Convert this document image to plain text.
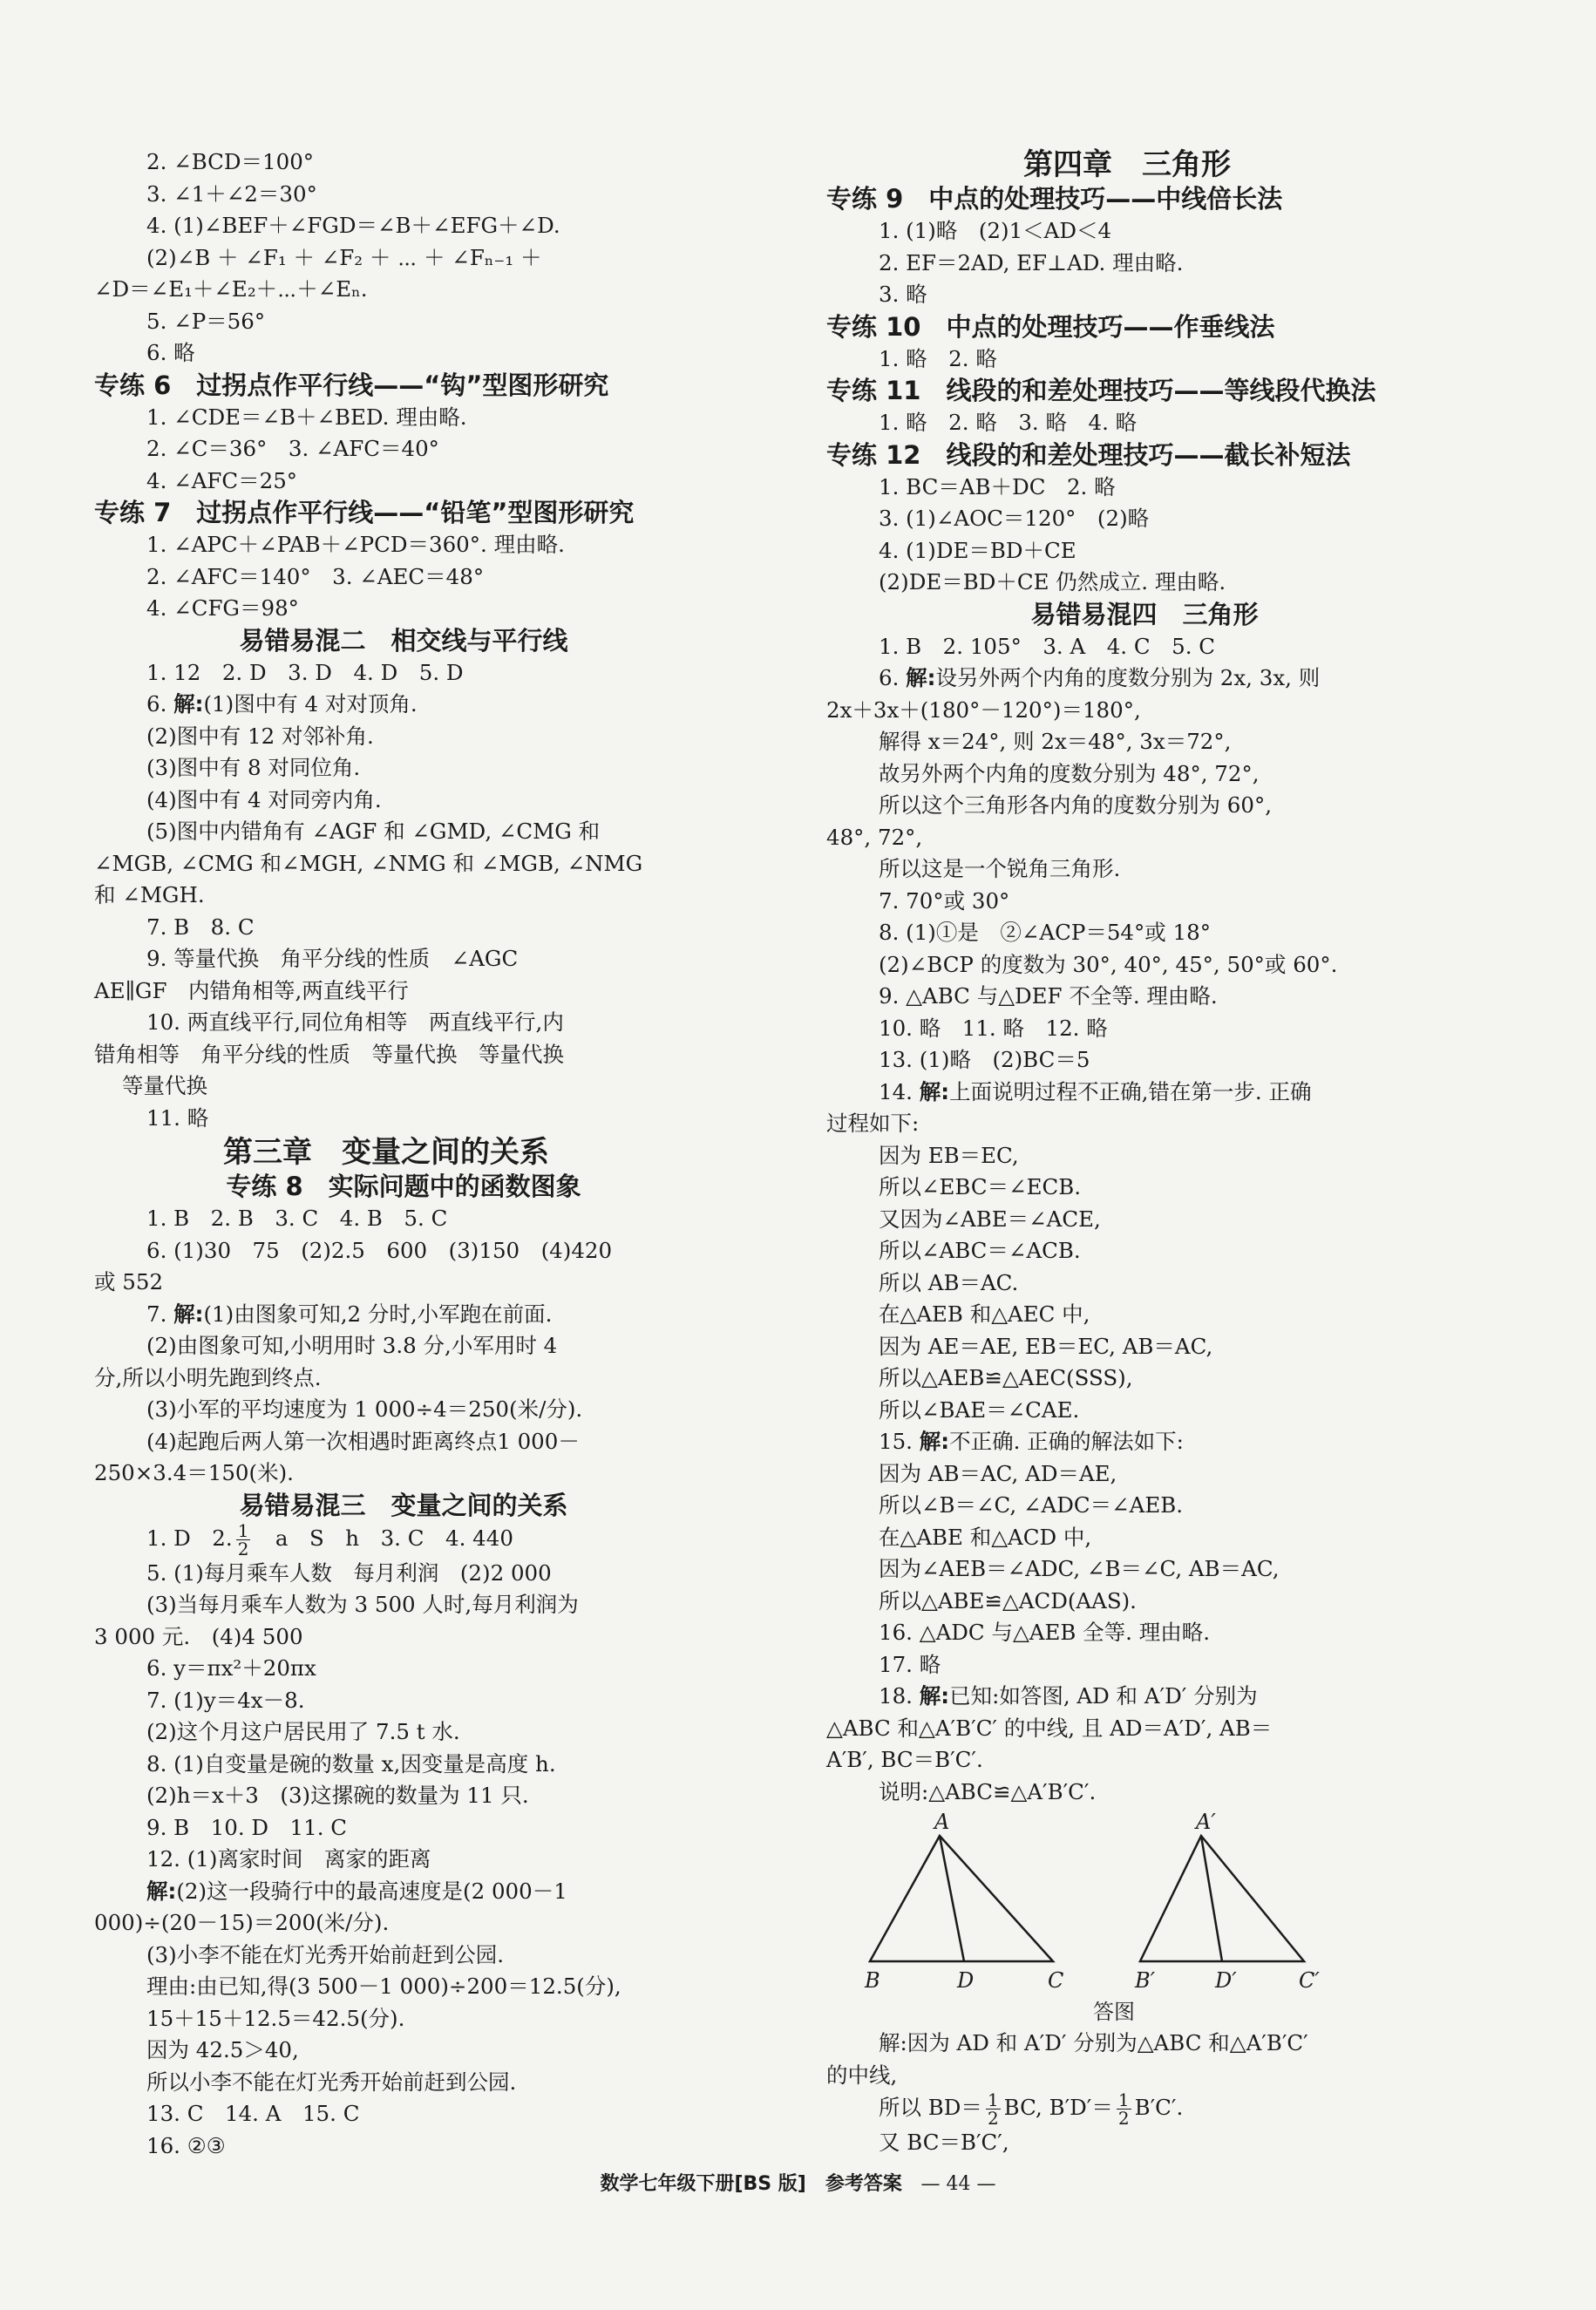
2. ∠BCD＝100°
3. ∠1＋∠2＝30°
4. (1)∠BEF＋∠FGD＝∠B＋∠EFG＋∠D.
(2)∠B ＋ ∠F₁ ＋ ∠F₂ ＋ ⋯ ＋ ∠Fₙ₋₁ ＋
∠D＝∠E₁＋∠E₂＋⋯＋∠Eₙ.
5. ∠P＝56°
6. 略
专练 6　过拐点作平行线——“钩”型图形研究
1. ∠CDE＝∠B＋∠BED. 理由略.
2. ∠C＝36°　3. ∠AFC＝40°
4. ∠AFC＝25°
专练 7　过拐点作平行线——“铅笔”型图形研究
1. ∠APC＋∠PAB＋∠PCD＝360°. 理由略.
2. ∠AFC＝140°　3. ∠AEC＝48°
4. ∠CFG＝98°
易错易混二　相交线与平行线
1. 12　2. D　3. D　4. D　5. D
6. 解:(1)图中有 4 对对顶角.
(2)图中有 12 对邻补角.
(3)图中有 8 对同位角.
(4)图中有 4 对同旁内角.
(5)图中内错角有 ∠AGF 和 ∠GMD, ∠CMG 和
∠MGB, ∠CMG 和∠MGH, ∠NMG 和 ∠MGB, ∠NMG
和 ∠MGH.
7. B　8. C
9. 等量代换　角平分线的性质　∠AGC
AE∥GF　内错角相等,两直线平行
10. 两直线平行,同位角相等　两直线平行,内
错角相等　角平分线的性质　等量代换　等量代换
等量代换
11. 略
第三章　变量之间的关系
专练 8　实际问题中的函数图象
1. B　2. B　3. C　4. B　5. C
6. (1)30　75　(2)2.5　600　(3)150　(4)420
或 552
7. 解:(1)由图象可知,2 分时,小军跑在前面.
(2)由图象可知,小明用时 3.8 分,小军用时 4
分,所以小明先跑到终点.
(3)小军的平均速度为 1 000÷4＝250(米/分).
(4)起跑后两人第一次相遇时距离终点1 000－
250×3.4＝150(米).
易错易混三　变量之间的关系
1. D　2. $\frac{1}{2}$ 　a　S　h　3. C　4. 440
5. (1)每月乘车人数　每月利润　(2)2 000
(3)当每月乘车人数为 3 500 人时,每月利润为
3 000 元.　(4)4 500
6. y＝πx²＋20πx
7. (1)y＝4x－8.
(2)这个月这户居民用了 7.5 t 水.
8. (1)自变量是碗的数量 x,因变量是高度 h.
(2)h＝x＋3　(3)这摞碗的数量为 11 只.
9. B　10. D　11. C
12. (1)离家时间　离家的距离
解:(2)这一段骑行中的最高速度是(2 000－1
000)÷(20－15)＝200(米/分).
(3)小李不能在灯光秀开始前赶到公园.
理由:由已知,得(3 500－1 000)÷200＝12.5(分),
15＋15＋12.5＝42.5(分).
因为 42.5＞40,
所以小李不能在灯光秀开始前赶到公园.
13. C　14. A　15. C
16. ②③
第四章　三角形
专练 9　中点的处理技巧——中线倍长法
1. (1)略　(2)1＜AD＜4
2. EF＝2AD, EF⊥AD. 理由略.
3. 略
专练 10　中点的处理技巧——作垂线法
1. 略　2. 略
专练 11　线段的和差处理技巧——等线段代换法
1. 略　2. 略　3. 略　4. 略
专练 12　线段的和差处理技巧——截长补短法
1. BC＝AB＋DC　2. 略
3. (1)∠AOC＝120°　(2)略
4. (1)DE＝BD＋CE
(2)DE＝BD＋CE 仍然成立. 理由略.
易错易混四　三角形
1. B　2. 105°　3. A　4. C　5. C
6. 解:设另外两个内角的度数分别为 2x, 3x, 则
2x＋3x＋(180°－120°)＝180°,
解得 x＝24°, 则 2x＝48°, 3x＝72°,
故另外两个内角的度数分别为 48°, 72°,
所以这个三角形各内角的度数分别为 60°,
48°, 72°,
所以这是一个锐角三角形.
7. 70°或 30°
8. (1)①是　②∠ACP＝54°或 18°
(2)∠BCP 的度数为 30°, 40°, 45°, 50°或 60°.
9. △ABC 与△DEF 不全等. 理由略.
10. 略　11. 略　12. 略
13. (1)略　(2)BC＝5
14. 解:上面说明过程不正确,错在第一步. 正确
过程如下:
因为 EB＝EC,
所以∠EBC＝∠ECB.
又因为∠ABE＝∠ACE,
所以∠ABC＝∠ACB.
所以 AB＝AC.
在△AEB 和△AEC 中,
因为 AE＝AE, EB＝EC, AB＝AC,
所以△AEB≌△AEC(SSS),
所以∠BAE＝∠CAE.
15. 解:不正确. 正确的解法如下:
因为 AB＝AC, AD＝AE,
所以∠B＝∠C, ∠ADC＝∠AEB.
在△ABE 和△ACD 中,
因为∠AEB＝∠ADC, ∠B＝∠C, AB＝AC,
所以△ABE≌△ACD(AAS).
16. △ADC 与△AEB 全等. 理由略.
17. 略
18. 解:已知:如答图, AD 和 A′D′ 分别为
△ABC 和△A′B′C′ 的中线, 且 AD＝A′D′, AB＝
A′B′, BC＝B′C′.
说明:△ABC≌△A′B′C′.
A
B	D	C
A′
B′	D′	C′
答图
解:因为 AD 和 A′D′ 分别为△ABC 和△A′B′C′
的中线,
所以 $BD= \frac{1}{2}$ BC, $B'D'= \frac{1}{2} B'C'$.
又 BC＝B′C′,
数学七年级下册[BS 版]　参考答案 — 44 —
